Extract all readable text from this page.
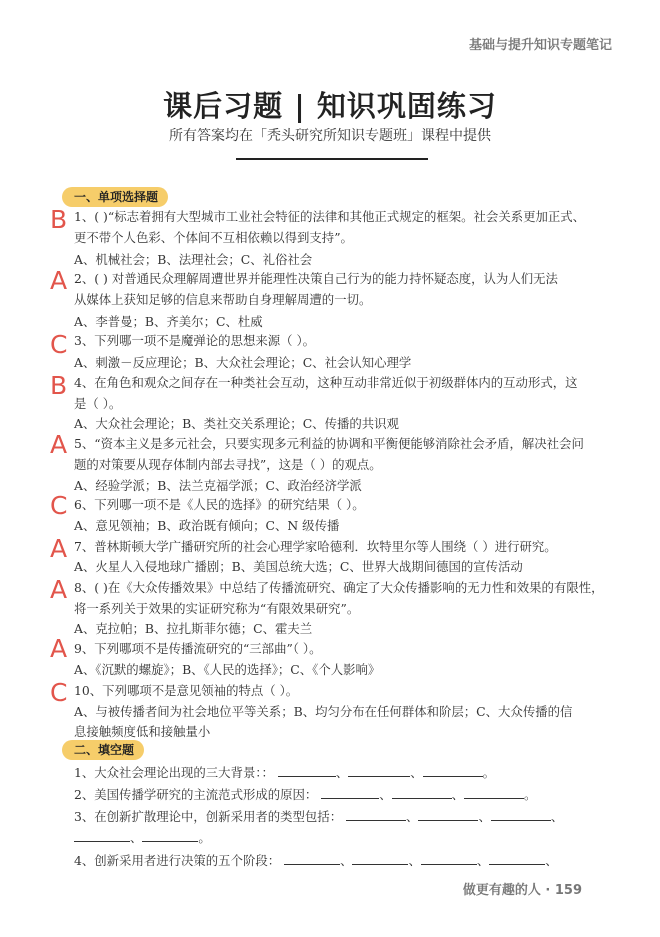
基础与提升知识专题笔记
课后习题 | 知识巩固练习
所有答案均在「秃头研究所知识专题班」课程中提供
一、单项选择题
B 1、( )“标志着拥有大型城市工业社会特征的法律和其他正式规定的框架。社会关系更加正式、
更不带个人色彩、个体间不互相依赖以得到支持”。
A、机械社会；B、法理社会；C、礼俗社会
A 2、( ) 对普通民众理解周遭世界并能理性决策自己行为的能力持怀疑态度，认为人们无法
从媒体上获知足够的信息来帮助自身理解周遭的一切。
A、李普曼；B、齐美尔；C、杜威
C 3、下列哪一项不是魔弹论的思想来源（ ）。
A、刺激－反应理论；B、大众社会理论；C、社会认知心理学
B 4、在角色和观众之间存在一种类社会互动，这种互动非常近似于初级群体内的互动形式，这
是（ ）。
A、大众社会理论；B、类社交关系理论；C、传播的共识观
A 5、“资本主义是多元社会，只要实现多元利益的协调和平衡便能够消除社会矛盾，解决社会问
题的对策要从现存体制内部去寻找”，这是（ ）的观点。
A、经验学派；B、法兰克福学派；C、政治经济学派
C 6、下列哪一项不是《人民的选择》的研究结果（ ）。
A、意见领袖；B、政治既有倾向；C、N 级传播
A 7、普林斯顿大学广播研究所的社会心理学家哈德利．坎特里尔等人围绕（ ）进行研究。
A、火星人入侵地球广播剧；B、美国总统大选；C、世界大战期间德国的宣传活动
A 8、( )在《大众传播效果》中总结了传播流研究、确定了大众传播影响的无力性和效果的有限性，
将一系列关于效果的实证研究称为“有限效果研究”。
A、克拉帕；B、拉扎斯菲尔德；C、霍夫兰
A 9、下列哪项不是传播流研究的“三部曲”（ ）。
A、《沉默的螺旋》；B、《人民的选择》；C、《个人影响》
C 10、下列哪项不是意见领袖的特点（ ）。
A、与被传播者间为社会地位平等关系；B、均匀分布在任何群体和阶层；C、大众传播的信
息接触频度低和接触量小
二、填空题
1、大众社会理论出现的三大背景：：	、	、	。
2、美国传播学研究的主流范式形成的原因：	、	、	。
3、在创新扩散理论中，创新采用者的类型包括：	、	、	、
、	。
4、创新采用者进行决策的五个阶段：	、	、	、	、
做更有趣的人 · 159
